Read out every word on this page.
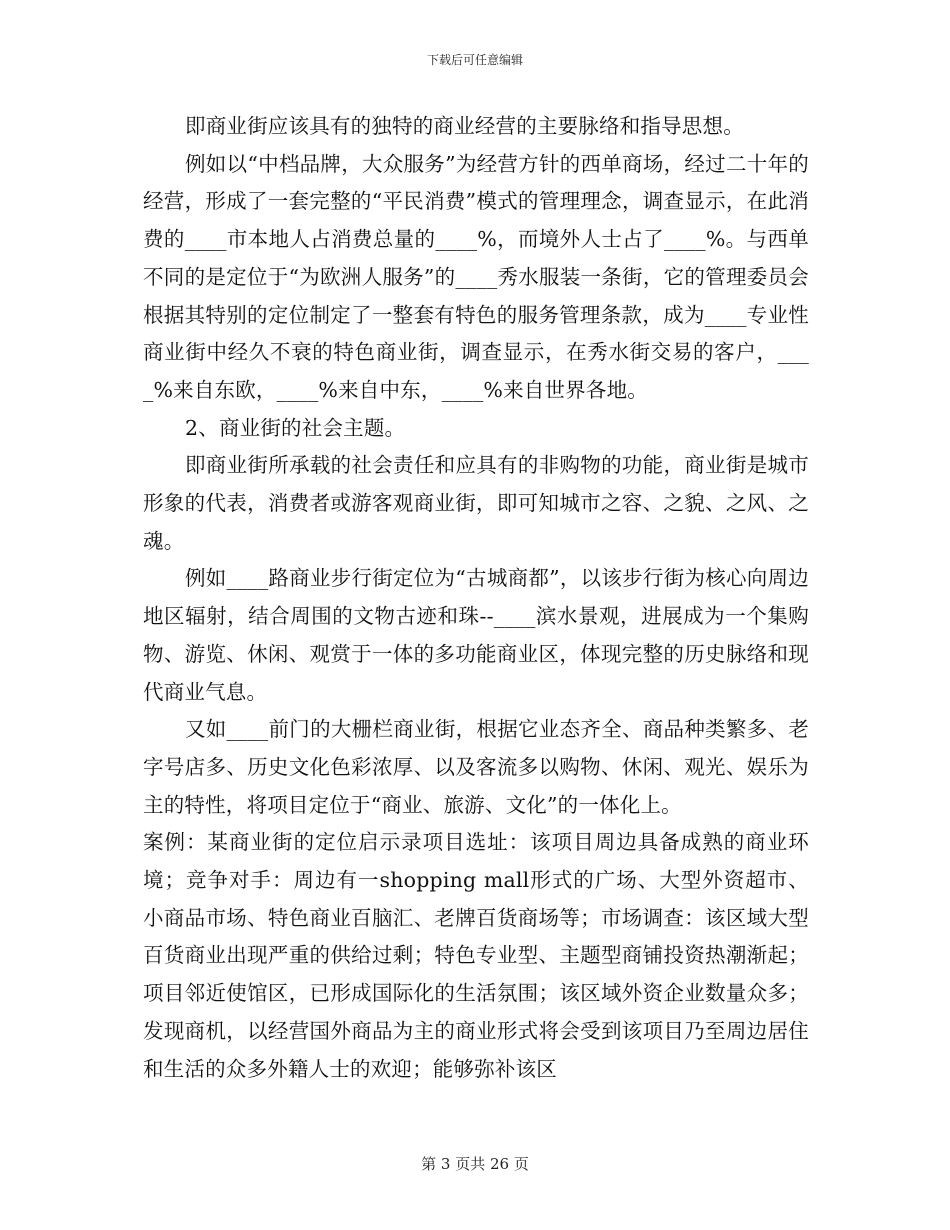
下载后可任意编辑

即商业街应该具有的独特的商业经营的主要脉络和指导思想。

例如以“中档品牌，大众服务”为经营方针的西单商场，经过二十年的经营，形成了一套完整的“平民消费”模式的管理理念，调查显示，在此消费的____市本地人占消费总量的____%，而境外人士占了____%。与西单不同的是定位于“为欧洲人服务”的____秀水服装一条街，它的管理委员会根据其特别的定位制定了一整套有特色的服务管理条款，成为____专业性商业街中经久不衰的特色商业街，调查显示，在秀水街交易的客户，____%来自东欧，____%来自中东，____%来自世界各地。

2、商业街的社会主题。

即商业街所承载的社会责任和应具有的非购物的功能，商业街是城市形象的代表，消费者或游客观商业街，即可知城市之容、之貌、之风、之魂。

例如____路商业步行街定位为“古城商都”，以该步行街为核心向周边地区辐射，结合周围的文物古迹和珠--____滨水景观，进展成为一个集购物、游览、休闲、观赏于一体的多功能商业区，体现完整的历史脉络和现代商业气息。

又如____前门的大栅栏商业街，根据它业态齐全、商品种类繁多、老字号店多、历史文化色彩浓厚、以及客流多以购物、休闲、观光、娱乐为主的特性，将项目定位于“商业、旅游、文化”的一体化上。

案例：某商业街的定位启示录项目选址：该项目周边具备成熟的商业环境；竞争对手：周边有一shopping mall形式的广场、大型外资超市、小商品市场、特色商业百脑汇、老牌百货商场等；市场调查：该区域大型百货商业出现严重的供给过剩；特色专业型、主题型商铺投资热潮渐起；项目邻近使馆区，已形成国际化的生活氛围；该区域外资企业数量众多；发现商机，以经营国外商品为主的商业形式将会受到该项目乃至周边居住和生活的众多外籍人士的欢迎；能够弥补该区

第 3 页共 26 页
